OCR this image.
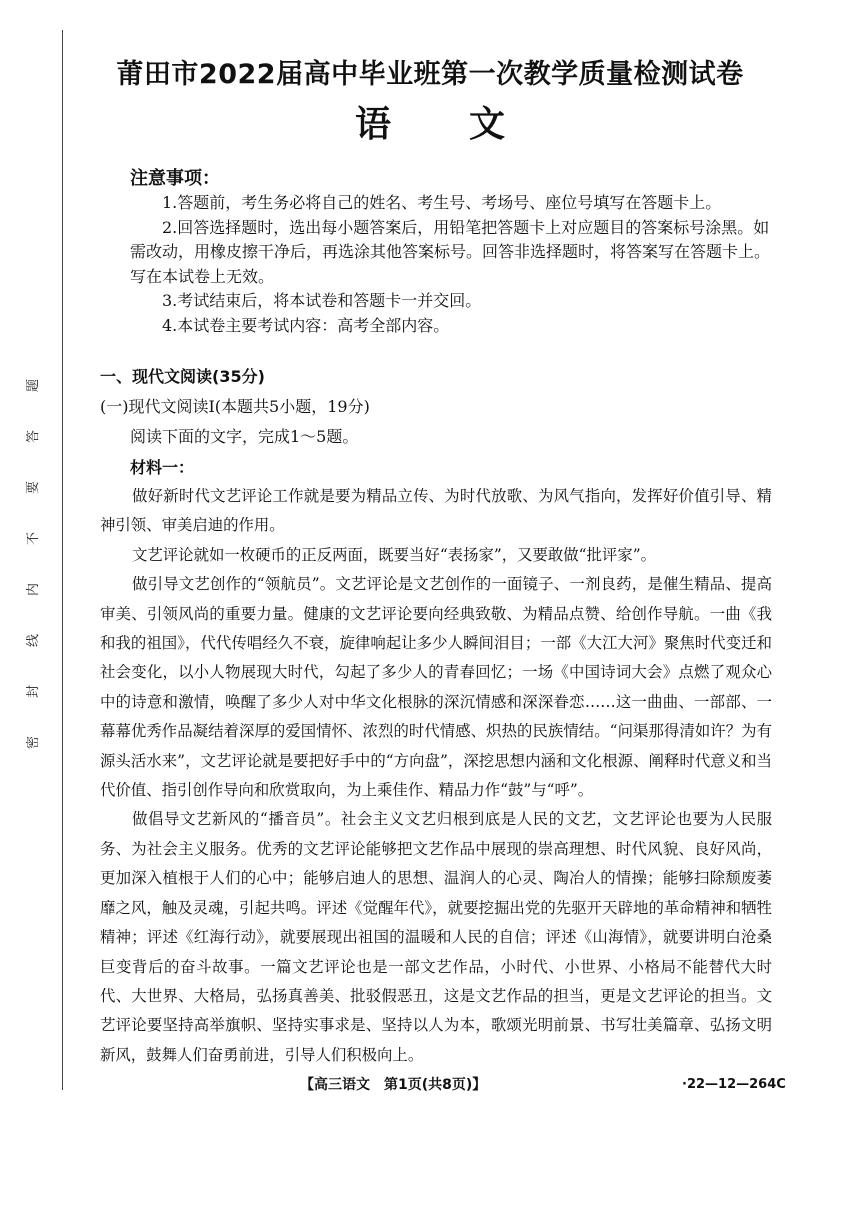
题
答
要
不
内
线
封
密
莆田市2022届高中毕业班第一次教学质量检测试卷
语文
注意事项：

1.答题前，考生务必将自己的姓名、考生号、考场号、座位号填写在答题卡上。

2.回答选择题时，选出每小题答案后，用铅笔把答题卡上对应题目的答案标号涂黑。如需改动，用橡皮擦干净后，再选涂其他答案标号。回答非选择题时，将答案写在答题卡上。写在本试卷上无效。

3.考试结束后，将本试卷和答题卡一并交回。

4.本试卷主要考试内容：高考全部内容。

一、现代文阅读(35分)
(一)现代文阅读Ⅰ(本题共5小题，19分)
阅读下面的文字，完成1～5题。
材料一：

做好新时代文艺评论工作就是要为精品立传、为时代放歌、为风气指向，发挥好价值引导、精神引领、审美启迪的作用。

文艺评论就如一枚硬币的正反两面，既要当好“表扬家”，又要敢做“批评家”。

做引导文艺创作的“领航员”。文艺评论是文艺创作的一面镜子、一剂良药，是催生精品、提高审美、引领风尚的重要力量。健康的文艺评论要向经典致敬、为精品点赞、给创作导航。一曲《我和我的祖国》，代代传唱经久不衰，旋律响起让多少人瞬间泪目；一部《大江大河》聚焦时代变迁和社会变化，以小人物展现大时代，勾起了多少人的青春回忆；一场《中国诗词大会》点燃了观众心中的诗意和激情，唤醒了多少人对中华文化根脉的深沉情感和深深眷恋……这一曲曲、一部部、一幕幕优秀作品凝结着深厚的爱国情怀、浓烈的时代情感、炽热的民族情结。“问渠那得清如许？为有源头活水来”，文艺评论就是要把好手中的“方向盘”，深挖思想内涵和文化根源、阐释时代意义和当代价值、指引创作导向和欣赏取向，为上乘佳作、精品力作“鼓”与“呼”。

做倡导文艺新风的“播音员”。社会主义文艺归根到底是人民的文艺，文艺评论也要为人民服务、为社会主义服务。优秀的文艺评论能够把文艺作品中展现的崇高理想、时代风貌、良好风尚，更加深入植根于人们的心中；能够启迪人的思想、温润人的心灵、陶冶人的情操；能够扫除颓废萎靡之风，触及灵魂，引起共鸣。评述《觉醒年代》，就要挖掘出党的先驱开天辟地的革命精神和牺牲精神；评述《红海行动》，就要展现出祖国的温暖和人民的自信；评述《山海情》，就要讲明白沧桑巨变背后的奋斗故事。一篇文艺评论也是一部文艺作品，小时代、小世界、小格局不能替代大时代、大世界、大格局，弘扬真善美、批驳假恶丑，这是文艺作品的担当，更是文艺评论的担当。文艺评论要坚持高举旗帜、坚持实事求是、坚持以人为本，歌颂光明前景、书写壮美篇章、弘扬文明新风，鼓舞人们奋勇前进，引导人们积极向上。

【高三语文　第1页(共8页)】	·22—12—264C
